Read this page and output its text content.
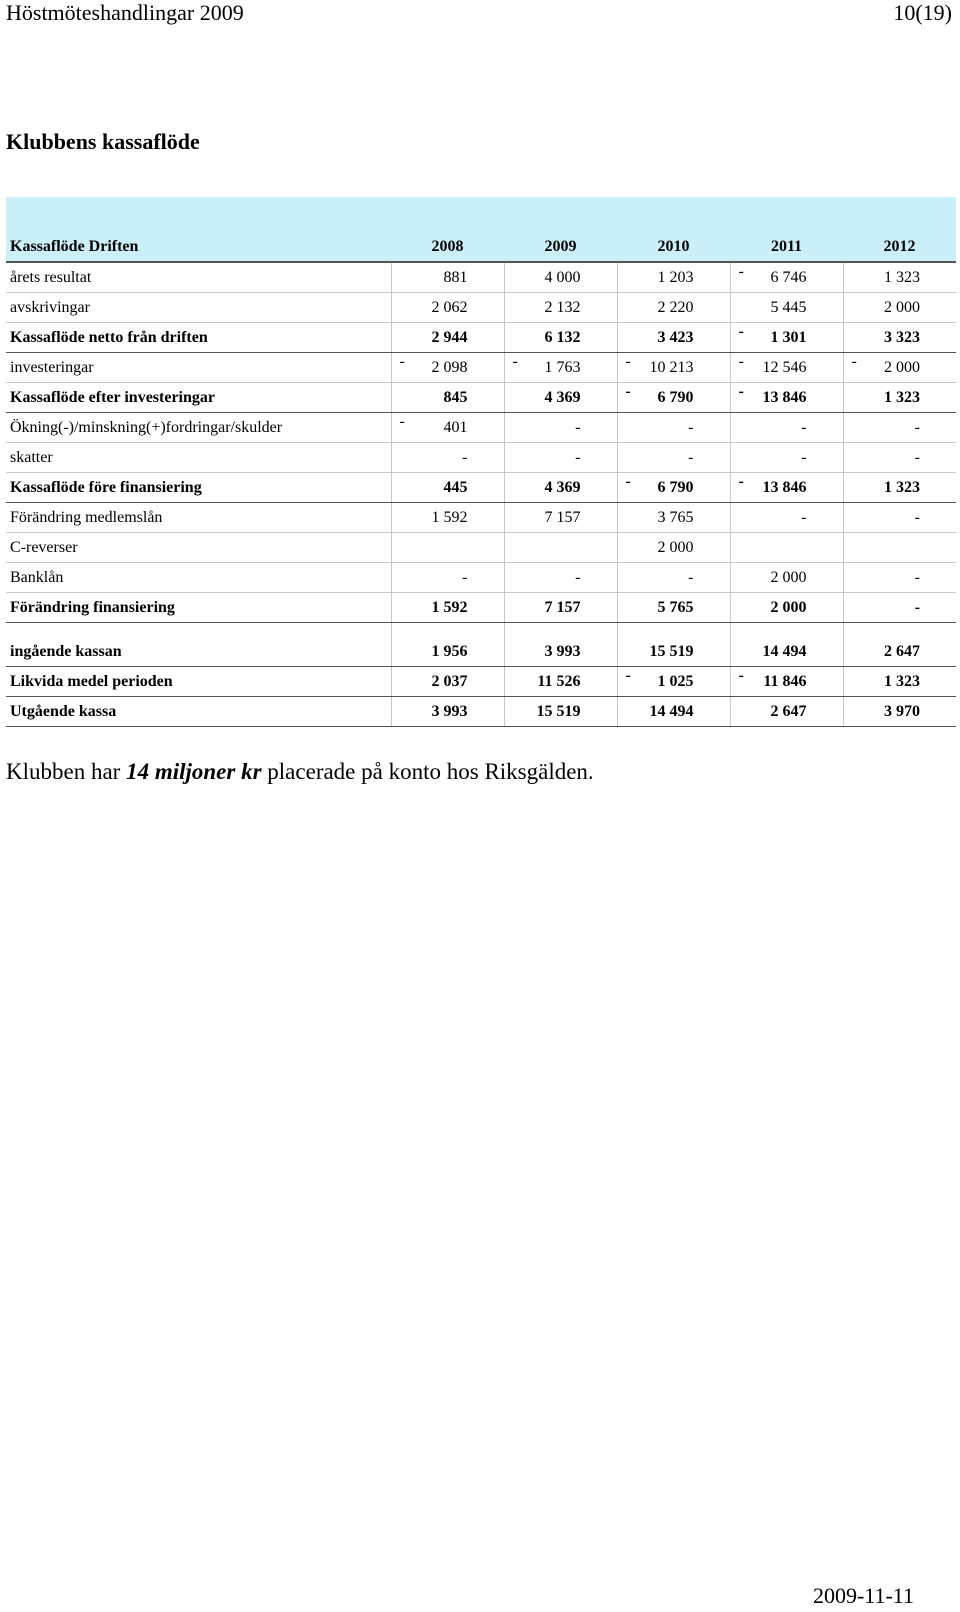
Höstmöteshandlingar 2009	10(19)
Klubbens kassaflöde
Kassaflöde Driften	2008	2009	2010	2011	2012
årets resultat	881	4 000	1 203	- 6 746	1 323
avskrivingar	2 062	2 132	2 220	5 445	2 000
Kassaflöde netto från driften	2 944	6 132	3 423	- 1 301	3 323
investeringar	- 2 098	- 1 763	- 10 213	- 12 546	- 2 000
Kassaflöde efter investeringar	845	4 369	- 6 790	- 13 846	1 323
Ökning(-)/minskning(+)fordringar/skulder	- 401	-	-	-	-
skatter	-	-	-	-	-
Kassaflöde före finansiering	445	4 369	- 6 790	- 13 846	1 323
Förändring medlemslån	1 592	7 157	3 765	-	-
C-reverser			2 000		
Banklån	-	-	-	2 000	-
Förändring finansiering	1 592	7 157	5 765	2 000	-

ingående kassan	1 956	3 993	15 519	14 494	2 647
Likvida medel perioden	2 037	11 526	- 1 025	- 11 846	1 323
Utgående kassa	3 993	15 519	14 494	2 647	3 970
Klubben har 14 miljoner kr placerade på konto hos Riksgälden.
2009-11-11
